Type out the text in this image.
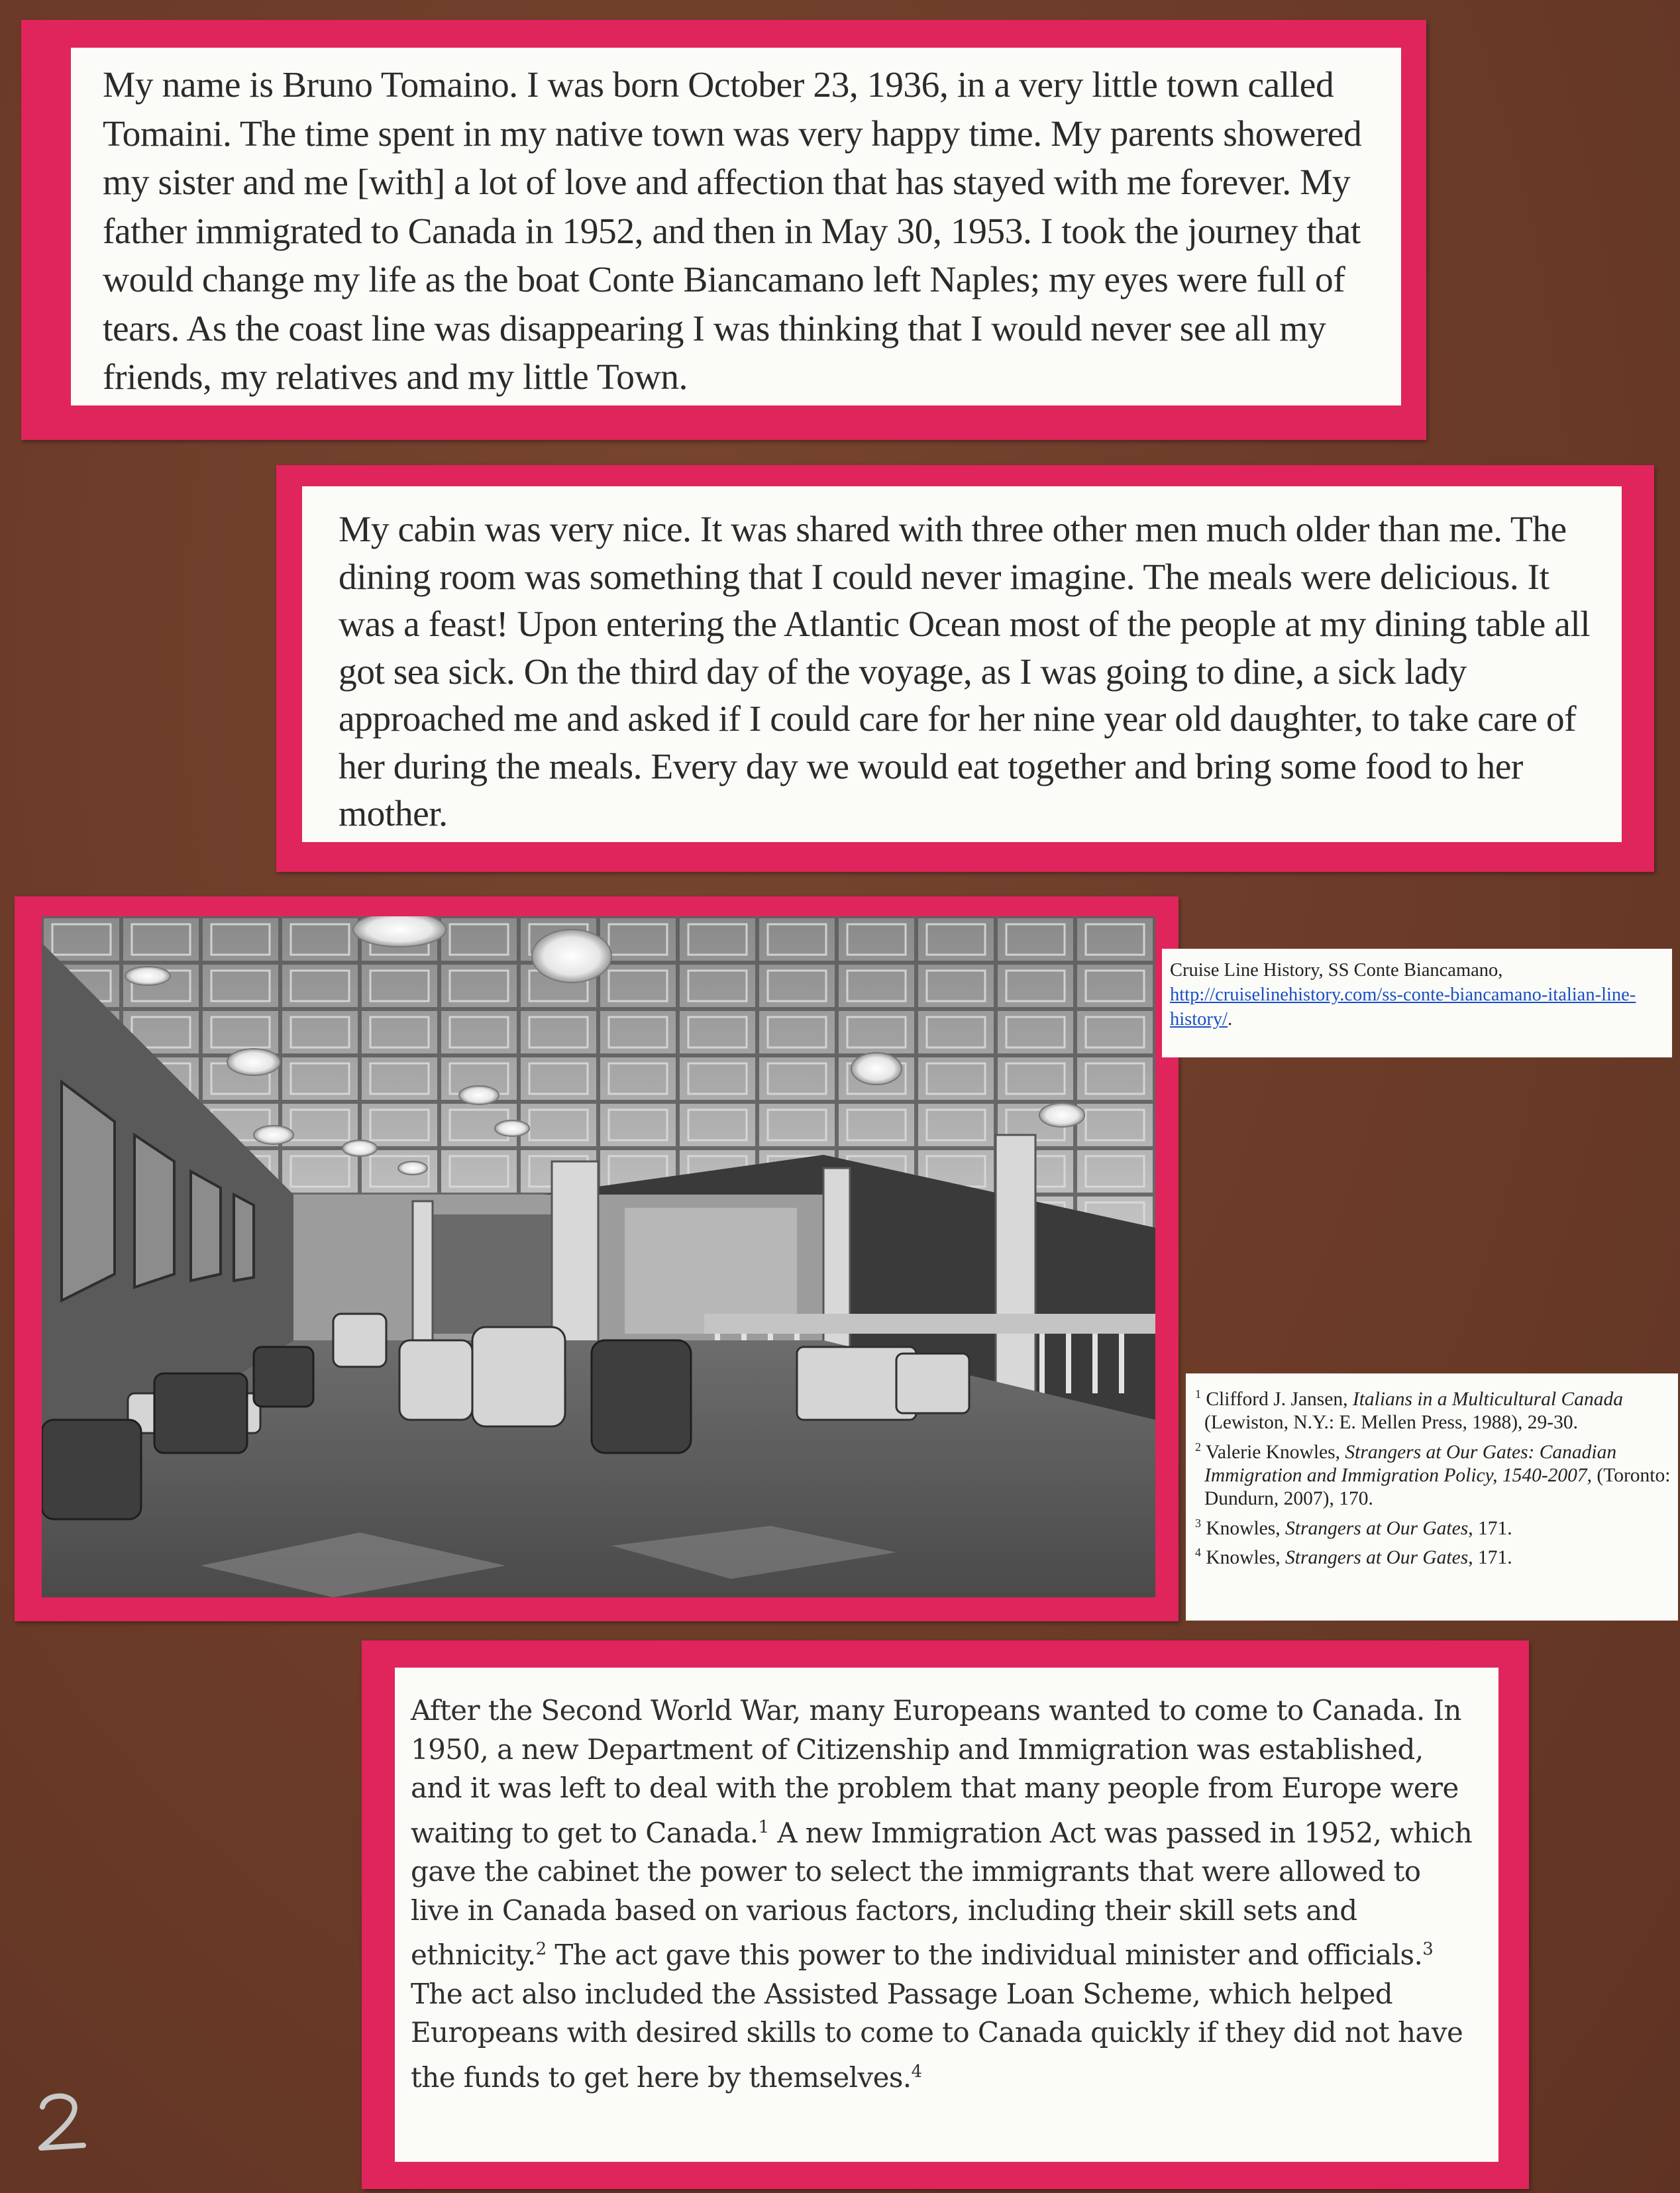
My name is Bruno Tomaino. I was born October 23, 1936, in a very little town called Tomaini. The time spent in my native town was very happy time. My parents showered my sister and me [with] a lot of love and affection that has stayed with me forever. My father immigrated to Canada in 1952, and then in May 30, 1953. I took the journey that would change my life as the boat Conte Biancamano left Naples; my eyes were full of tears. As the coast line was disappearing I was thinking that I would never see all my friends, my relatives and my little Town.

My cabin was very nice. It was shared with three other men much older than me. The dining room was something that I could never imagine. The meals were delicious. It was a feast! Upon entering the Atlantic Ocean most of the people at my dining table all got sea sick. On the third day of the voyage, as I was going to dine, a sick lady approached me and asked if I could care for her nine year old daughter, to take care of her during the meals. Every day we would eat together and bring some food to her mother.

Cruise Line History, SS Conte Biancamano, http://cruiselinehistory.com/ss-conte-biancamano-italian-line-history/.

$^1$ Clifford J. Jansen, Italians in a Multicultural Canada (Lewiston, N.Y.: E. Mellen Press, 1988), 29-30.

$^2$ Valerie Knowles, Strangers at Our Gates: Canadian Immigration and Immigration Policy, 1540-2007, (Toronto: Dundurn, 2007), 170.

$^3$ Knowles, Strangers at Our Gates, 171.

$^4$ Knowles, Strangers at Our Gates, 171.

After the Second World War, many Europeans wanted to come to Canada. In 1950, a new Department of Citizenship and Immigration was established, and it was left to deal with the problem that many people from Europe were waiting to get to Canada.$^1$ A new Immigration Act was passed in 1952, which gave the cabinet the power to select the immigrants that were allowed to live in Canada based on various factors, including their skill sets and ethnicity.$^2$ The act gave this power to the individual minister and officials.$^3$ The act also included the Assisted Passage Loan Scheme, which helped Europeans with desired skills to come to Canada quickly if they did not have the funds to get here by themselves.$^4$
